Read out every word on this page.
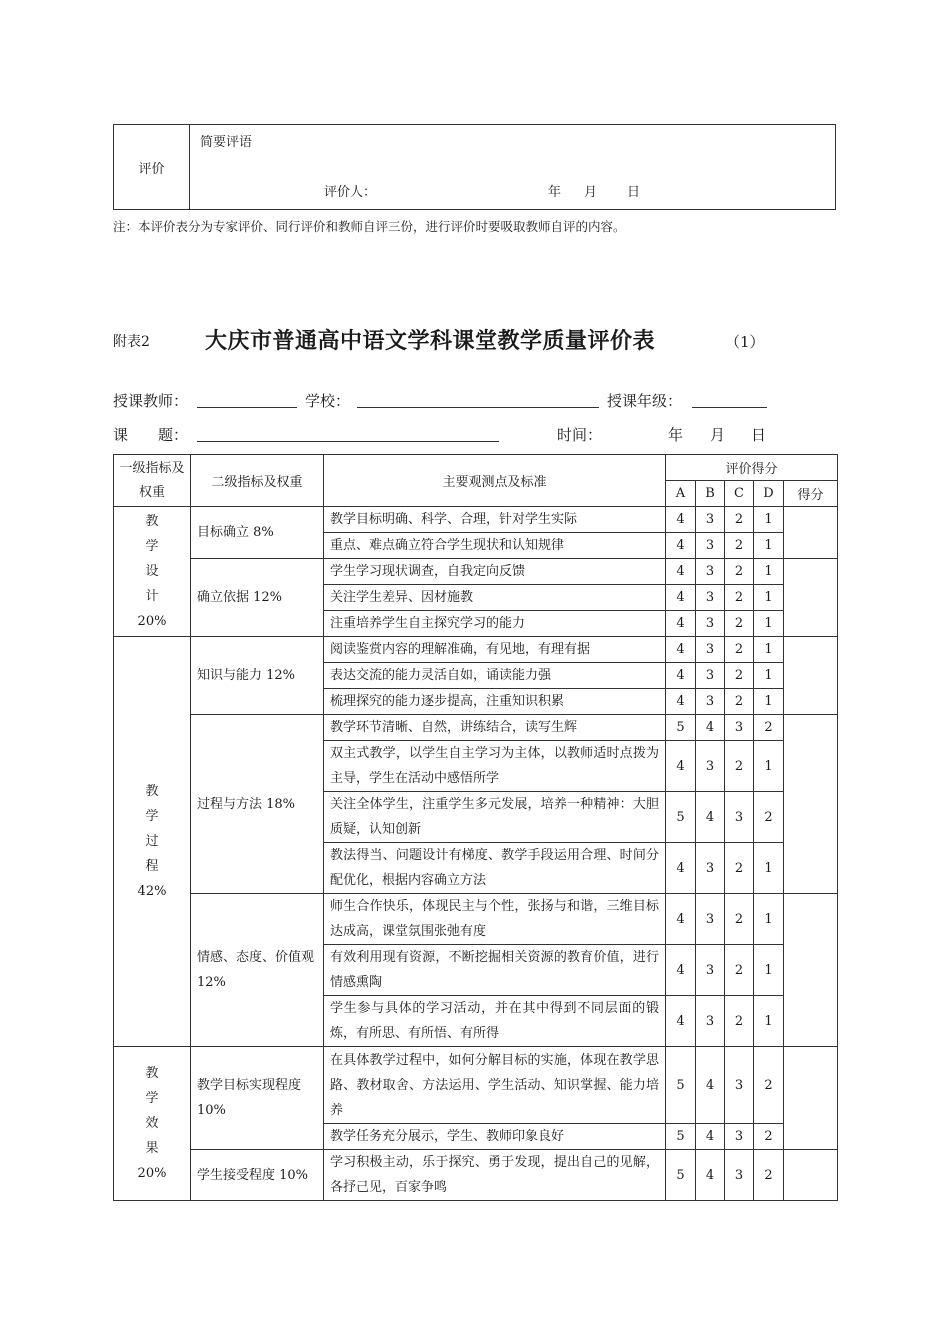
评价
简要评语
评价人：	年 月 日
注：本评价表分为专家评价、同行评价和教师自评三份，进行评价时要吸取教师自评的内容。
附表2	大庆市普通高中语文学科课堂教学质量评价表	（1）
授课教师：	学校：	授课年级：
课　　题：	时间：	年 月 日
一级指标及权重	二级指标及权重	主要观测点及标准	评价得分				
			A	B	C	D	得分
教
学
设
计
20%	目标确立 8%	教学目标明确、科学、合理，针对学生实际	4	3	2	1	
		重点、难点确立符合学生现状和认知规律	4	3	2	1	
	确立依据 12%	学生学习现状调查，自我定向反馈	4	3	2	1	
		关注学生差异、因材施教	4	3	2	1	
		注重培养学生自主探究学习的能力	4	3	2	1	
教
学
过
程
42%	知识与能力 12%	阅读鉴赏内容的理解准确，有见地，有理有据	4	3	2	1	
		表达交流的能力灵活自如，诵读能力强	4	3	2	1	
		梳理探究的能力逐步提高，注重知识积累	4	3	2	1	
	过程与方法 18%	教学环节清晰、自然，讲练结合，读写生辉	5	4	3	2	
		双主式教学，以学生自主学习为主体，以教师适时点拨为主导，学生在活动中感悟所学	4	3	2	1	
		关注全体学生，注重学生多元发展，培养一种精神：大胆质疑，认知创新	5	4	3	2	
		教法得当、问题设计有梯度、教学手段运用合理、时间分配优化，根据内容确立方法	4	3	2	1	
	情感、态度、价值观 12%	师生合作快乐，体现民主与个性，张扬与和谐，三维目标达成高，课堂氛围张弛有度	4	3	2	1	
		有效利用现有资源，不断挖掘相关资源的教育价值，进行情感熏陶	4	3	2	1	
		学生参与具体的学习活动，并在其中得到不同层面的锻炼，有所思、有所悟、有所得	4	3	2	1	
教
学
效
果
20%	教学目标实现程度 10%	在具体教学过程中，如何分解目标的实施，体现在教学思路、教材取舍、方法运用、学生活动、知识掌握、能力培养	5	4	3	2	
		教学任务充分展示，学生、教师印象良好	5	4	3	2	
	学生接受程度 10%	学习积极主动，乐于探究、勇于发现，提出自己的见解，各抒己见，百家争鸣	5	4	3	2	
